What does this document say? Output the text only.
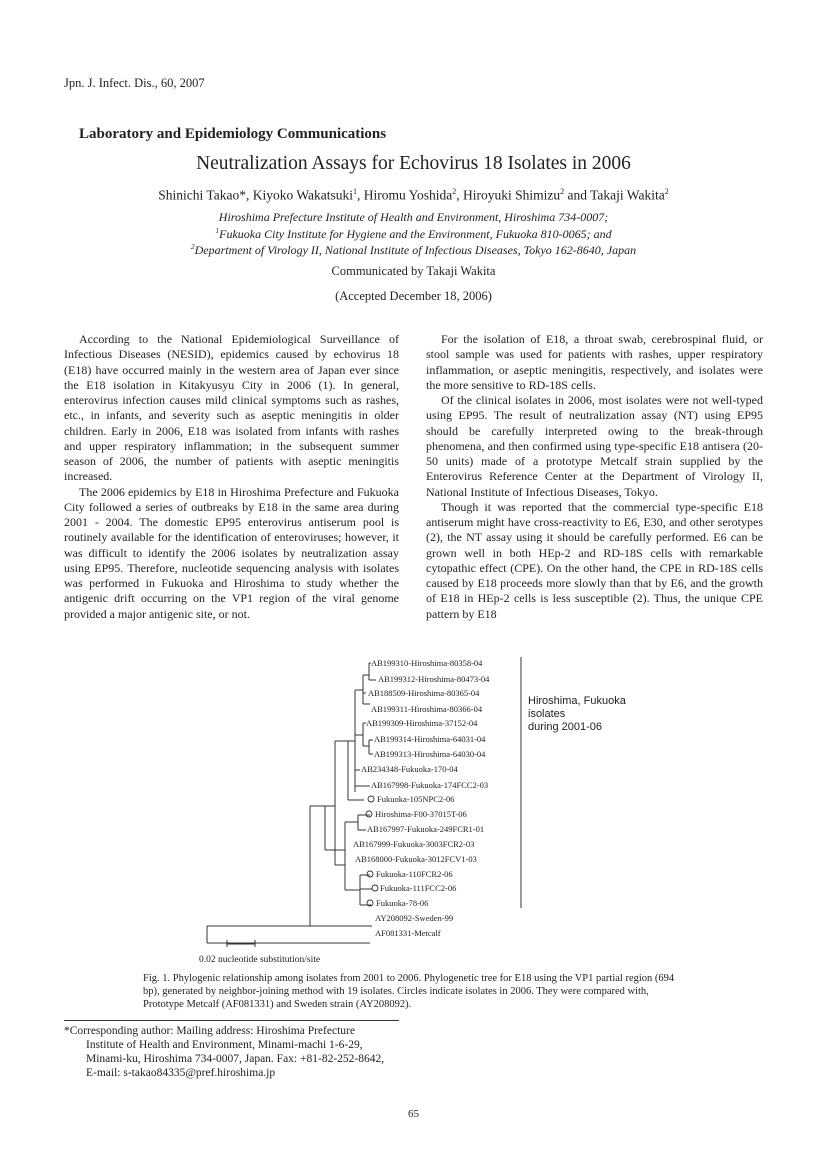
Jpn. J. Infect. Dis., 60, 2007
Laboratory and Epidemiology Communications
Neutralization Assays for Echovirus 18 Isolates in 2006
Shinichi Takao*, Kiyoko Wakatsuki$^1$, Hiromu Yoshida$^2$, Hiroyuki Shimizu$^2$ and Takaji Wakita$^2$
Hiroshima Prefecture Institute of Health and Environment, Hiroshima 734-0007;
$^1$Fukuoka City Institute for Hygiene and the Environment, Fukuoka 810-0065; and
$^2$Department of Virology II, National Institute of Infectious Diseases, Tokyo 162-8640, Japan
Communicated by Takaji Wakita
(Accepted December 18, 2006)

According to the National Epidemiological Surveillance of Infectious Diseases (NESID), epidemics caused by echovirus 18 (E18) have occurred mainly in the western area of Japan ever since the E18 isolation in Kitakyusyu City in 2006 (1). In general, enterovirus infection causes mild clinical symptoms such as rashes, etc., in infants, and severity such as aseptic meningitis in older children. Early in 2006, E18 was isolated from infants with rashes and upper respiratory inflammation; in the subsequent summer season of 2006, the number of patients with aseptic meningitis increased.

The 2006 epidemics by E18 in Hiroshima Prefecture and Fukuoka City followed a series of outbreaks by E18 in the same area during 2001 - 2004. The domestic EP95 enterovirus antiserum pool is routinely available for the identification of enteroviruses; however, it was difficult to identify the 2006 isolates by neutralization assay using EP95. Therefore, nucleotide sequencing analysis with isolates was performed in Fukuoka and Hiroshima to study whether the antigenic drift occurring on the VP1 region of the viral genome provided a major antigenic site, or not.

For the isolation of E18, a throat swab, cerebrospinal fluid, or stool sample was used for patients with rashes, upper respiratory inflammation, or aseptic meningitis, respectively, and isolates were the more sensitive to RD-18S cells.

Of the clinical isolates in 2006, most isolates were not well-typed using EP95. The result of neutralization assay (NT) using EP95 should be carefully interpreted owing to the break-through phenomena, and then confirmed using type-specific E18 antisera (20- 50 units) made of a prototype Metcalf strain supplied by the Enterovirus Reference Center at the Department of Virology II, National Institute of Infectious Diseases, Tokyo.

Though it was reported that the commercial type-specific E18 antiserum might have cross-reactivity to E6, E30, and other serotypes (2), the NT assay using it should be carefully performed. E6 can be grown well in both HEp-2 and RD-18S cells with remarkable cytopathic effect (CPE). On the other hand, the CPE in RD-18S cells caused by E18 proceeds more slowly than that by E6, and the growth of E18 in HEp-2 cells is less susceptible (2). Thus, the unique CPE pattern by E18

AB199310-Hiroshima-80358-04
AB199312-Hiroshima-80473-04
AB188509-Hiroshima-80365-04
AB199311-Hiroshima-80366-04
AB199309-Hiroshima-37152-04
AB199314-Hiroshima-64031-04
AB199313-Hiroshima-64030-04
AB234348-Fukuoka-170-04
AB167998-Fukuoka-174FCC2-03
Fukuoka-105NPC2-06
Hiroshima-F00-37015T-06
AB167997-Fukuoka-249FCR1-01
AB167999-Fukuoka-3003FCR2-03
AB168000-Fukuoka-3012FCV1-03
Fukuoka-110FCR2-06
Fukuoka-111FCC2-06
Fukuoka-78-06
AY208092-Sweden-99
AF081331-Metcalf
Hiroshima, Fukuoka
isolates
during 2001-06
0.02 nucleotide substitution/site
Fig. 1. Phylogenic relationship among isolates from 2001 to 2006. Phylogenetic tree for E18 using the VP1 partial region (694 bp), generated by neighbor-joining method with 19 isolates. Circles indicate isolates in 2006. They were compared with, Prototype Metcalf (AF081331) and Sweden strain (AY208092).
*Corresponding author: Mailing address: Hiroshima Prefecture
Institute of Health and Environment, Minami-machi 1-6-29,
Minami-ku, Hiroshima 734-0007, Japan. Fax: +81-82-252-8642,
E-mail: s-takao84335@pref.hiroshima.jp
65
